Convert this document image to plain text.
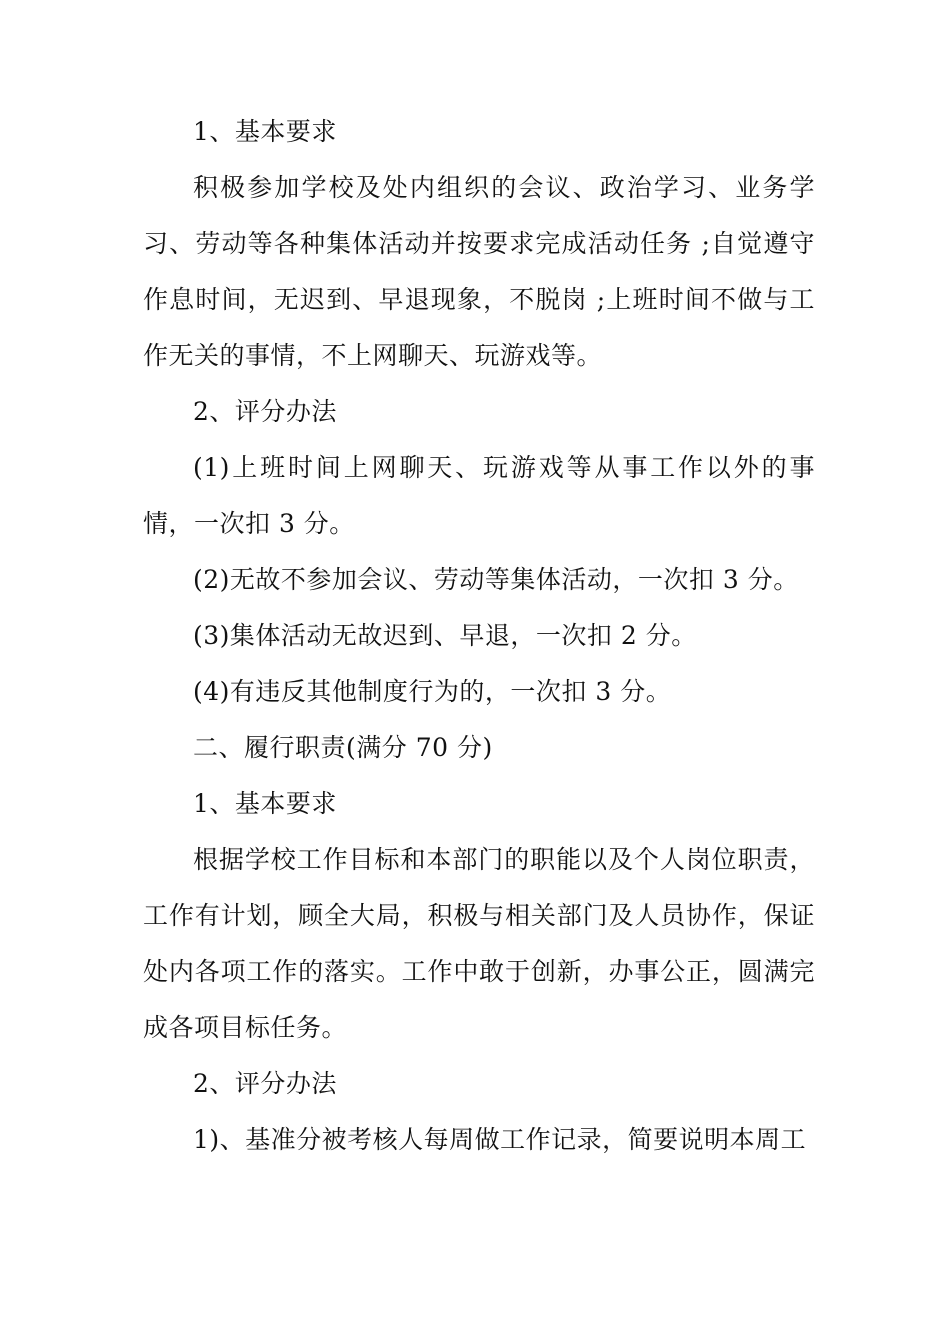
1、基本要求

积极参加学校及处内组织的会议、政治学习、业务学习、劳动等各种集体活动并按要求完成活动任务 ;自觉遵守作息时间，无迟到、早退现象，不脱岗 ;上班时间不做与工作无关的事情，不上网聊天、玩游戏等。

2、评分办法

(1)上班时间上网聊天、玩游戏等从事工作以外的事情，一次扣 3 分。

(2)无故不参加会议、劳动等集体活动，一次扣 3 分。

(3)集体活动无故迟到、早退，一次扣 2 分。

(4)有违反其他制度行为的，一次扣 3 分。

二、履行职责(满分 70 分)

1、基本要求

根据学校工作目标和本部门的职能以及个人岗位职责，工作有计划，顾全大局，积极与相关部门及人员协作，保证处内各项工作的落实。工作中敢于创新，办事公正，圆满完成各项目标任务。

2、评分办法

1)、基准分被考核人每周做工作记录，简要说明本周工
